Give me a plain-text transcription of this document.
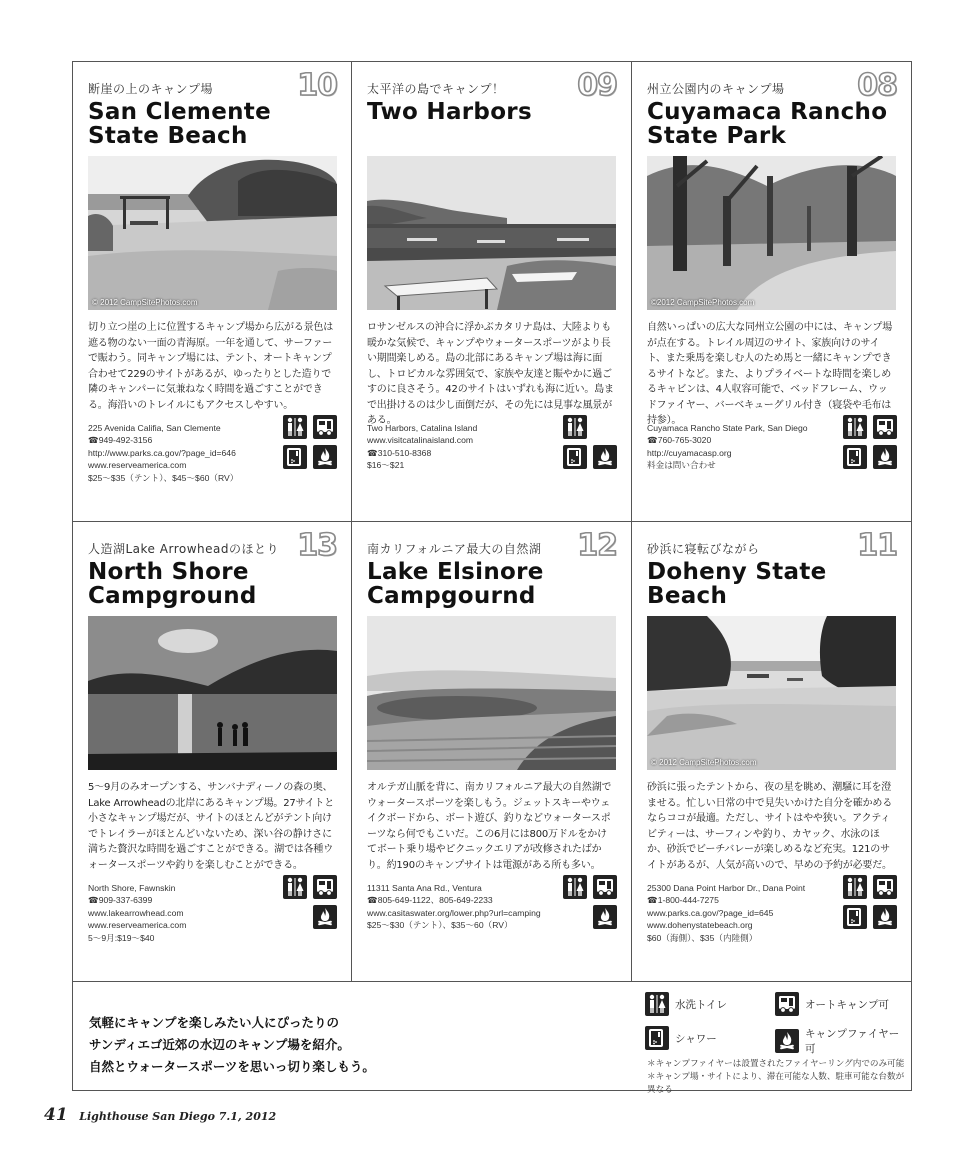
断崖の上のキャンプ場	10
San Clemente
State Beach
© 2012 CampSitePhotos.com
切り立つ崖の上に位置するキャンプ場から広がる景色は遮る物のない一面の青海原。一年を通して、サーファーで賑わう。同キャンプ場には、テント、オートキャンプ合わせて229のサイトがあるが、ゆったりとした造りで隣のキャンパーに気兼ねなく時間を過ごすことができる。海沿いのトレイルにもアクセスしやすい。
225 Avenida Califia, San Clemente
☎949-492-3156
http://www.parks.ca.gov/?page_id=646
www.reserveamerica.com
$25〜$35（テント）、$45〜$60（RV）
太平洋の島でキャンプ！	09
Two Harbors
ロサンゼルスの沖合に浮かぶカタリナ島は、大陸よりも暖かな気候で、キャンプやウォータースポーツがより長い期間楽しめる。島の北部にあるキャンプ場は海に面し、トロピカルな雰囲気で、家族や友達と賑やかに過ごすのに良さそう。42のサイトはいずれも海に近い。島まで出掛けるのは少し面倒だが、その先には見事な風景がある。
Two Harbors, Catalina Island
www.visitcatalinaisland.com
☎310-510-8368
$16〜$21
州立公園内のキャンプ場	08
Cuyamaca Rancho
State Park
©2012 CampSitePhotos.com
自然いっぱいの広大な同州立公園の中には、キャンプ場が点在する。トレイル周辺のサイト、家族向けのサイト、また乗馬を楽しむ人のため馬と一緒にキャンプできるサイトなど。また、よりプライベートな時間を楽しめるキャビンは、4人収容可能で、ベッドフレーム、ウッドファイヤー、バーベキューグリル付き（寝袋や毛布は持参）。
Cuyamaca Rancho State Park, San Diego
☎760-765-3020
http://cuyamacasp.org
料金は問い合わせ
人造湖Lake Arrowheadのほとり 13
North Shore
Campground
5〜9月のみオープンする、サンバナディーノの森の奥、Lake Arrowheadの北岸にあるキャンプ場。27サイトと小さなキャンプ場だが、サイトのほとんどがテント向けでトレイラーがほとんどいないため、深い谷の静けさに満ちた贅沢な時間を過ごすことができる。湖では各種ウォータースポーツや釣りを楽しむことができる。
North Shore, Fawnskin
☎909-337-6399
www.lakearrowhead.com
www.reserveamerica.com
5〜9月:$19〜$40
南カリフォルニア最大の自然湖	12
Lake Elsinore
Campgournd
オルテガ山脈を背に、南カリフォルニア最大の自然湖でウォータースポーツを楽しもう。ジェットスキーやウェイクボードから、ボート遊び、釣りなどウォータースポーツなら何でもこいだ。この6月には800万ドルをかけてボート乗り場やピクニックエリアが改修されたばかり。約190のキャンプサイトは電源がある所も多い。
11311 Santa Ana Rd., Ventura
☎805-649-1122、805-649-2233
www.casitaswater.org/lower.php?url=camping
$25〜$30（テント）、$35〜60（RV）
砂浜に寝転びながら	11
Doheny State Beach
© 2012 CampSitePhotos.com
砂浜に張ったテントから、夜の星を眺め、潮騒に耳を澄ませる。忙しい日常の中で見失いかけた自分を確かめるならココが最適。ただし、サイトはやや狭い。アクティビティーは、サーフィンや釣り、カヤック、水泳のほか、砂浜でビーチバレーが楽しめるなど充実。121のサイトがあるが、人気が高いので、早めの予約が必要だ。
25300 Dana Point Harbor Dr., Dana Point
☎1-800-444-7275
www.parks.ca.gov/?page_id=645
www.dohenystatebeach.org
$60（海側）、$35（内陸側）
気軽にキャンプを楽しみたい人にぴったりの
サンディエゴ近郊の水辺のキャンプ場を紹介。
自然とウォータースポーツを思いっ切り楽しもう。
水洗トイレ	オートキャンプ可
シャワー	キャンプファイヤー可
＊キャンプファイヤーは設置されたファイヤーリング内でのみ可能
＊キャンプ場・サイトにより、滞在可能な人数、駐車可能な台数が異なる
41 Lighthouse San Diego 7.1, 2012
